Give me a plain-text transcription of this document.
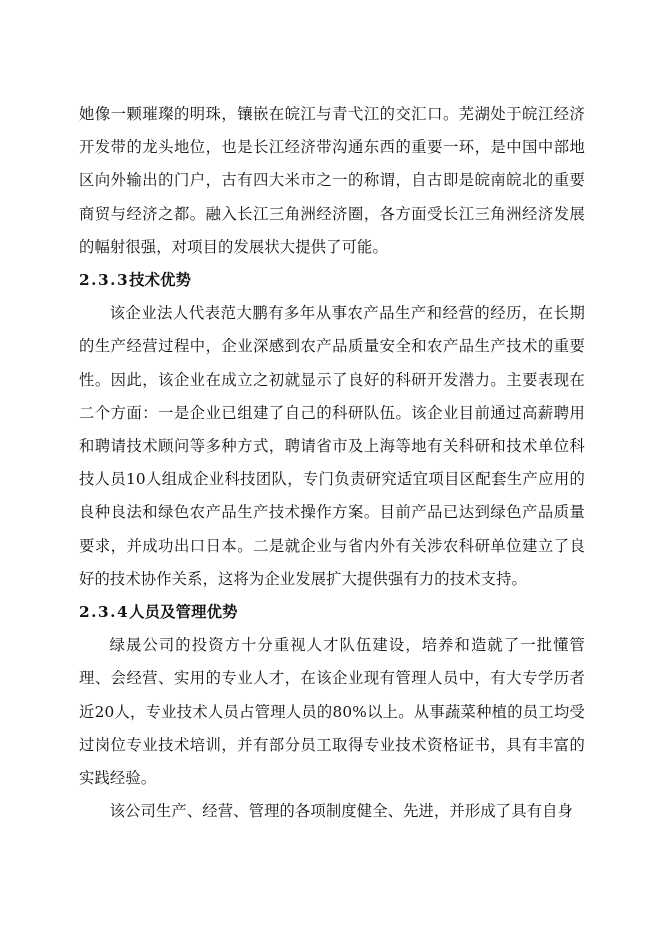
她像一颗璀璨的明珠，镶嵌在皖江与青弋江的交汇口。芜湖处于皖江经济开发带的龙头地位，也是长江经济带沟通东西的重要一环，是中国中部地区向外输出的门户，古有四大米市之一的称谓，自古即是皖南皖北的重要商贸与经济之都。融入长江三角洲经济圈，各方面受长江三角洲经济发展的幅射很强，对项目的发展状大提供了可能。

2.3.3技术优势

该企业法人代表范大鹏有多年从事农产品生产和经营的经历，在长期的生产经营过程中，企业深感到农产品质量安全和农产品生产技术的重要性。因此，该企业在成立之初就显示了良好的科研开发潜力。主要表现在二个方面：一是企业已组建了自己的科研队伍。该企业目前通过高薪聘用和聘请技术顾问等多种方式，聘请省市及上海等地有关科研和技术单位科技人员10人组成企业科技团队，专门负责研究适宜项目区配套生产应用的良种良法和绿色农产品生产技术操作方案。目前产品已达到绿色产品质量要求，并成功出口日本。二是就企业与省内外有关涉农科研单位建立了良好的技术协作关系，这将为企业发展扩大提供强有力的技术支持。

2.3.4人员及管理优势

绿晟公司的投资方十分重视人才队伍建设，培养和造就了一批懂管理、会经营、实用的专业人才，在该企业现有管理人员中，有大专学历者近20人，专业技术人员占管理人员的80%以上。从事蔬菜种植的员工均受过岗位专业技术培训，并有部分员工取得专业技术资格证书，具有丰富的实践经验。

该公司生产、经营、管理的各项制度健全、先进，并形成了具有自身
